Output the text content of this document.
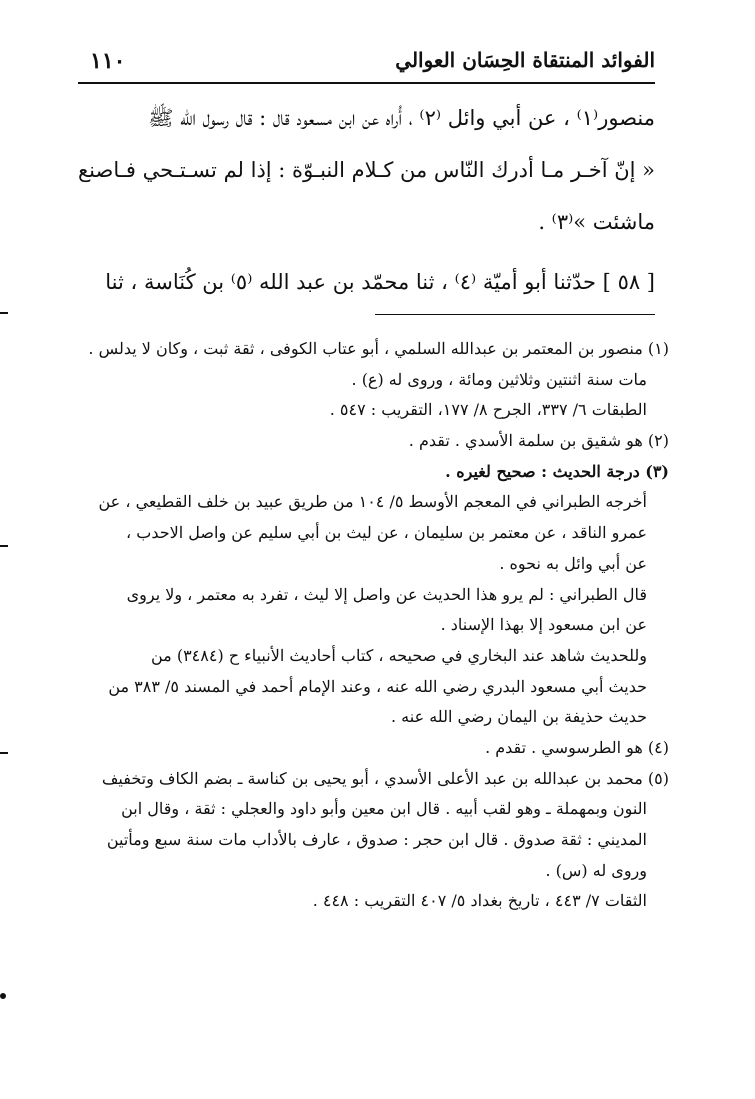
الفوائد المنتقاة الحِسَان العوالي
١١٠
منصور⁽١⁾ ، عن أبي وائل ⁽٢⁾ ، أُراه عن ابن مسعود قال : قال رسول الله ﷺ
« إنّ آخـر مـا أدرك النّاس من كـلام النبـوّة : إذا لم تسـتـحي فـاصنع
ماشئت »⁽٣⁾ .
[ ٥٨ ] حدّثنا أبو أميّة ⁽٤⁾ ، ثنا محمّد بن عبد الله ⁽٥⁾ بن كُنَاسة ، ثنا
(١) منصور بن المعتمر بن عبدالله السلمي ، أبو عتاب الكوفى ، ثقة ثبت ، وكان لا يدلس .
مات سنة اثنتين وثلاثين ومائة ، وروى له (ع) .
الطبقات ٦/ ٣٣٧، الجرح ٨/ ١٧٧، التقريب : ٥٤٧ .
(٢) هو شقيق بن سلمة الأسدي . تقدم .
(٣) درجة الحديث : صحيح لغيره .
أخرجه الطبراني في المعجم الأوسط ٥/ ١٠٤ من طريق عبيد بن خلف القطيعي ، عن
عمرو الناقد ، عن معتمر بن سليمان ، عن ليث بن أبي سليم عن واصل الاحدب ،
عن أبي وائل به نحوه .
قال الطبراني : لم يرو هذا الحديث عن واصل إلا ليث ، تفرد به معتمر ، ولا يروى
عن ابن مسعود إلا بهذا الإسناد .
وللحديث شاهد عند البخاري في صحيحه ، كتاب أحاديث الأنبياء ح (٣٤٨٤) من
حديث أبي مسعود البدري رضي الله عنه ، وعند الإمام أحمد في المسند ٥/ ٣٨٣ من
حديث حذيفة بن اليمان رضي الله عنه .
(٤) هو الطرسوسي . تقدم .
(٥) محمد بن عبدالله بن عبد الأعلى الأسدي ، أبو يحيى بن كناسة ـ بضم الكاف وتخفيف
النون وبمهملة ـ وهو لقب أبيه . قال ابن معين وأبو داود والعجلي : ثقة ، وقال ابن
المديني : ثقة صدوق . قال ابن حجر : صدوق ، عارف بالأداب مات سنة سبع ومأتين
وروى له (س) .
الثقات ٧/ ٤٤٣ ، تاريخ بغداد ٥/ ٤٠٧ التقريب : ٤٤٨ .
